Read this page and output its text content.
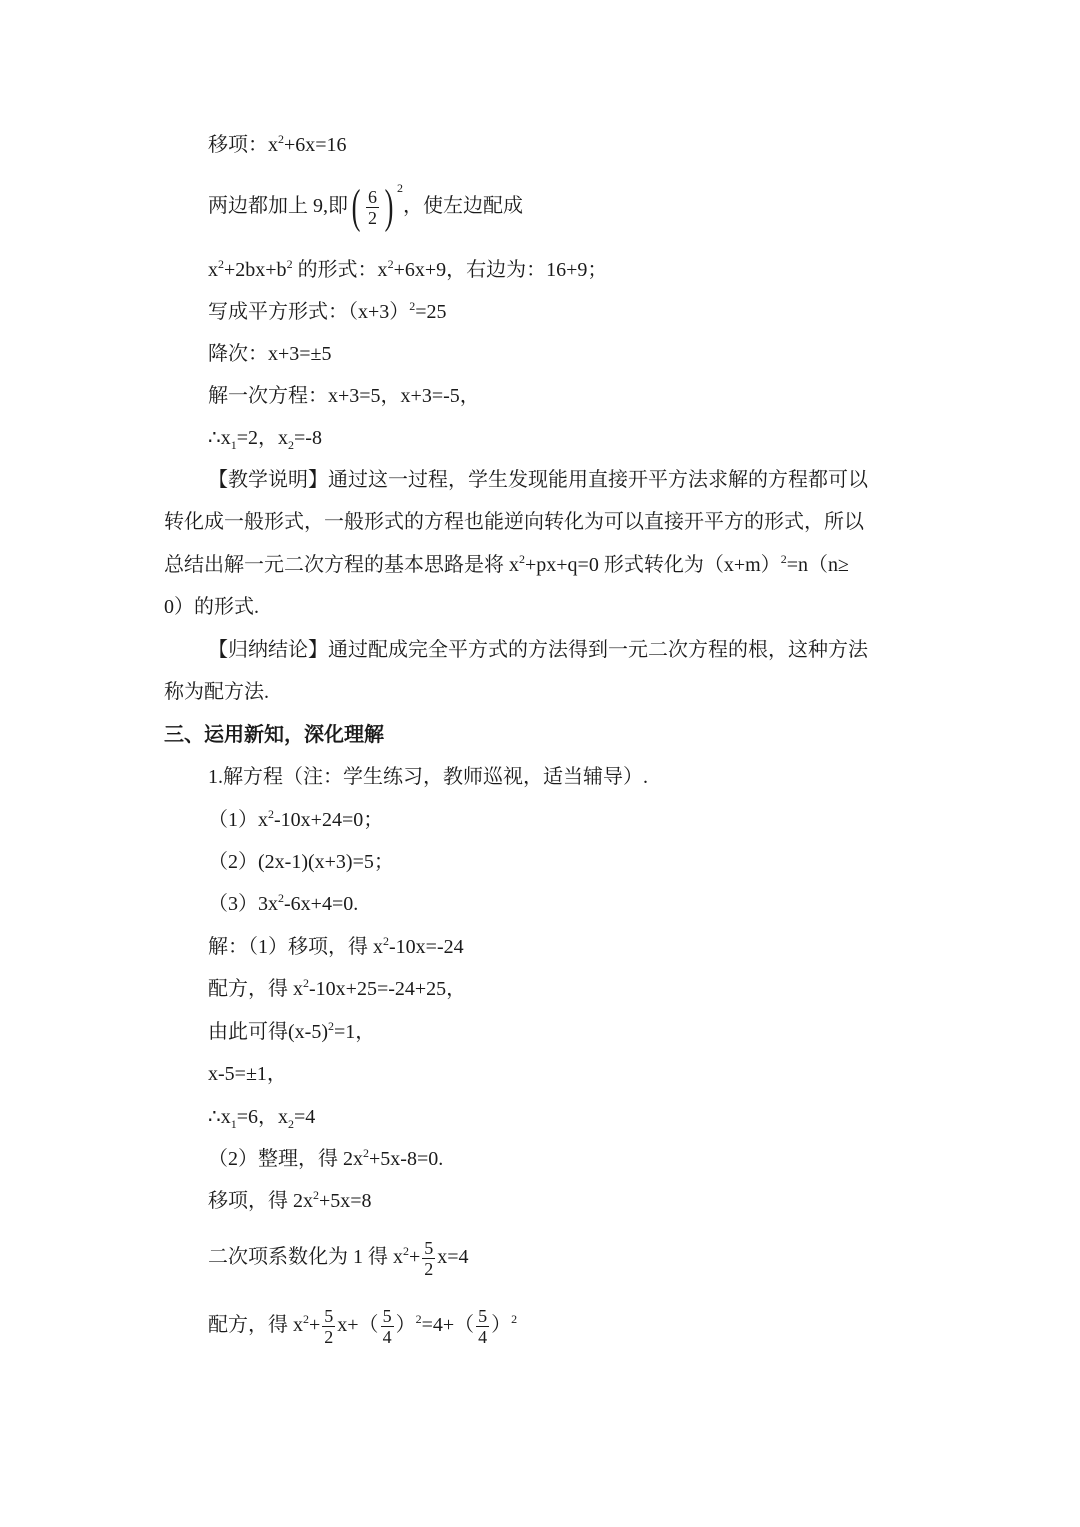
移项：$x^2+6x=16$
两边都加上 9,即( $\frac{6}{2}$ ) $^2$，使左边配成
$x^2+2bx+b^2$ 的形式：$x^2+6x+9$，右边为：16+9；
写成平方形式：$(x+3)^2=25$
降次：x+3=±5
解一次方程：x+3=5，x+3=-5，
$\therefore x_1=2$，$x_2=-8$
【教学说明】通过这一过程，学生发现能用直接开平方法求解的方程都可以
转化成一般形式，一般形式的方程也能逆向转化为可以直接开平方的形式，所以
总结出解一元二次方程的基本思路是将 $x^2+px+q=0$ 形式转化为$(x+m)^2=n(n\ge$
0）的形式.
【归纳结论】通过配成完全平方式的方法得到一元二次方程的根，这种方法
称为配方法.
三、运用新知，深化理解
1.解方程（注：学生练习，教师巡视，适当辅导）.
$(1)x^2-10x+24=0$；
（2）(2x-1)(x+3)=5；
$(3)3x^2-6x+4=0$.
解：（1）移项，得 $x^2-10x=-24$
配方，得 $x^2-10x+25=-24+25$，
由此可得$(x-5)^2=1$，
x-5=±1，
$\therefore x_1=6$，$x_2=4$
（2）整理，得 $2x^2+5x-8=0$.
移项，得 $2x^2+5x=8$
二次项系数化为 1 得 $x^2+ \frac{5}{2} x=4$
配方，得 $x^2+ \frac{5}{2} x+( \frac{5}{4} )^2=4+( \frac{5}{4} )^2$
